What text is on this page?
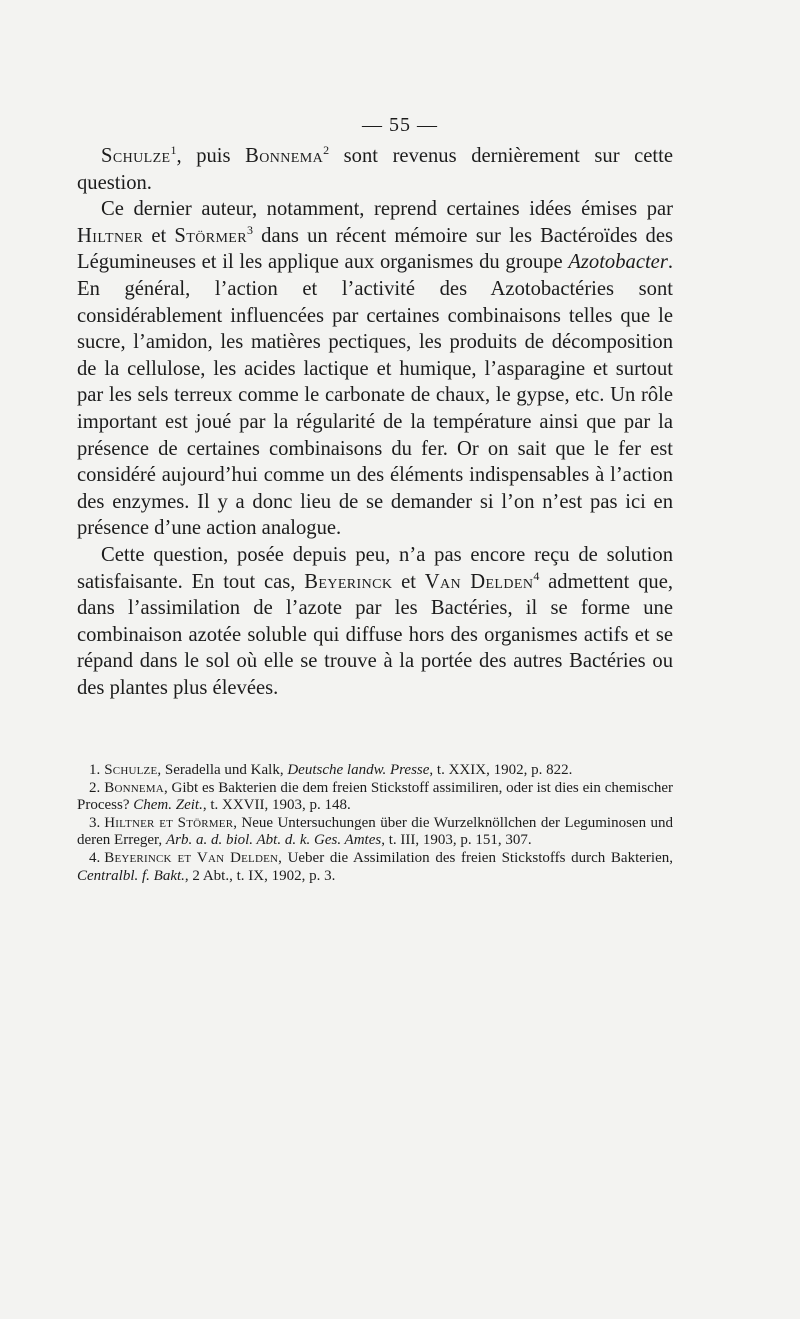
— 55 —

Schulze$^1$, puis Bonnema$^2$ sont revenus dernièrement sur cette question.

Ce dernier auteur, notamment, reprend certaines idées émises par Hiltner et Störmer$^3$ dans un récent mémoire sur les Bactéroïdes des Légumineuses et il les applique aux organismes du groupe Azotobacter. En général, l’action et l’activité des Azotobactéries sont considérablement influencées par certaines combinaisons telles que le sucre, l’amidon, les matières pectiques, les produits de décomposition de la cellulose, les acides lactique et humique, l’asparagine et surtout par les sels terreux comme le carbonate de chaux, le gypse, etc. Un rôle important est joué par la régularité de la température ainsi que par la présence de certaines combinaisons du fer. Or on sait que le fer est considéré aujourd’hui comme un des éléments indispensables à l’action des enzymes. Il y a donc lieu de se demander si l’on n’est pas ici en présence d’une action analogue.

Cette question, posée depuis peu, n’a pas encore reçu de solution satisfaisante. En tout cas, Beyerinck et Van Delden$^4$ admettent que, dans l’assimilation de l’azote par les Bactéries, il se forme une combinaison azotée soluble qui diffuse hors des organismes actifs et se répand dans le sol où elle se trouve à la portée des autres Bactéries ou des plantes plus élevées.

1. Schulze, Seradella und Kalk, Deutsche landw. Presse, t. XXIX, 1902, p. 822.

2. Bonnema, Gibt es Bakterien die dem freien Stickstoff assimiliren, oder ist dies ein chemischer Process? Chem. Zeit., t. XXVII, 1903, p. 148.

3. Hiltner et Störmer, Neue Untersuchungen über die Wurzelknöllchen der Leguminosen und deren Erreger, Arb. a. d. biol. Abt. d. k. Ges. Amtes, t. III, 1903, p. 151, 307.

4. Beyerinck et Van Delden, Ueber die Assimilation des freien Stickstoffs durch Bakterien, Centralbl. f. Bakt., 2 Abt., t. IX, 1902, p. 3.
